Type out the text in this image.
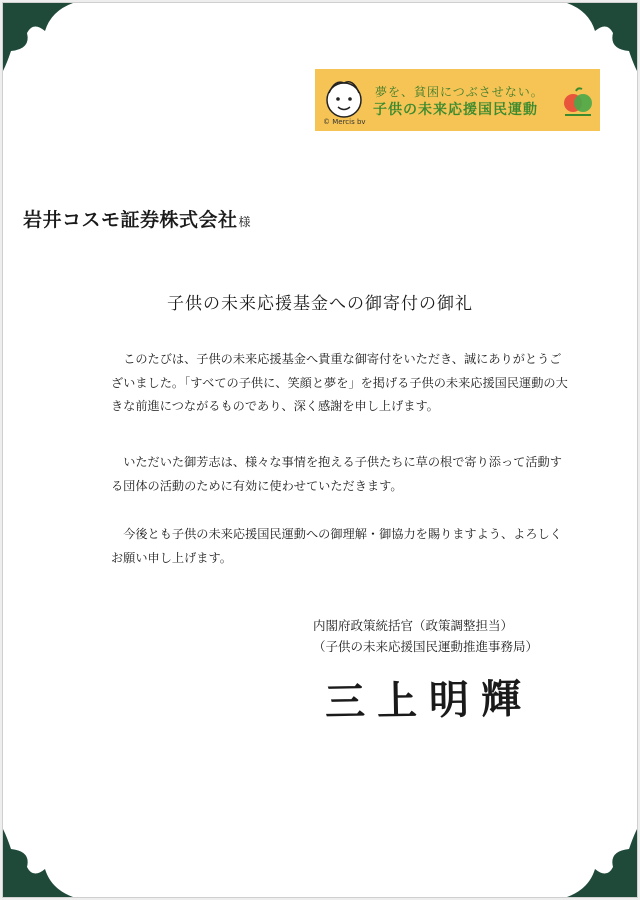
夢を、貧困につぶさせない。
子供の未来応援国民運動
© Mercis bv
岩井コスモ証券株式会社様
子供の未来応援基金への御寄付の御礼

このたびは、子供の未来応援基金へ貴重な御寄付をいただき、誠にありがとうございました。「すべての子供に、笑顔と夢を」を掲げる子供の未来応援国民運動の大きな前進につながるものであり、深く感謝を申し上げます。

いただいた御芳志は、様々な事情を抱える子供たちに草の根で寄り添って活動する団体の活動のために有効に使わせていただきます。

今後とも子供の未来応援国民運動への御理解・御協力を賜りますよう、よろしくお願い申し上げます。

内閣府政策統括官（政策調整担当）
（子供の未来応援国民運動推進事務局）
三上明輝
